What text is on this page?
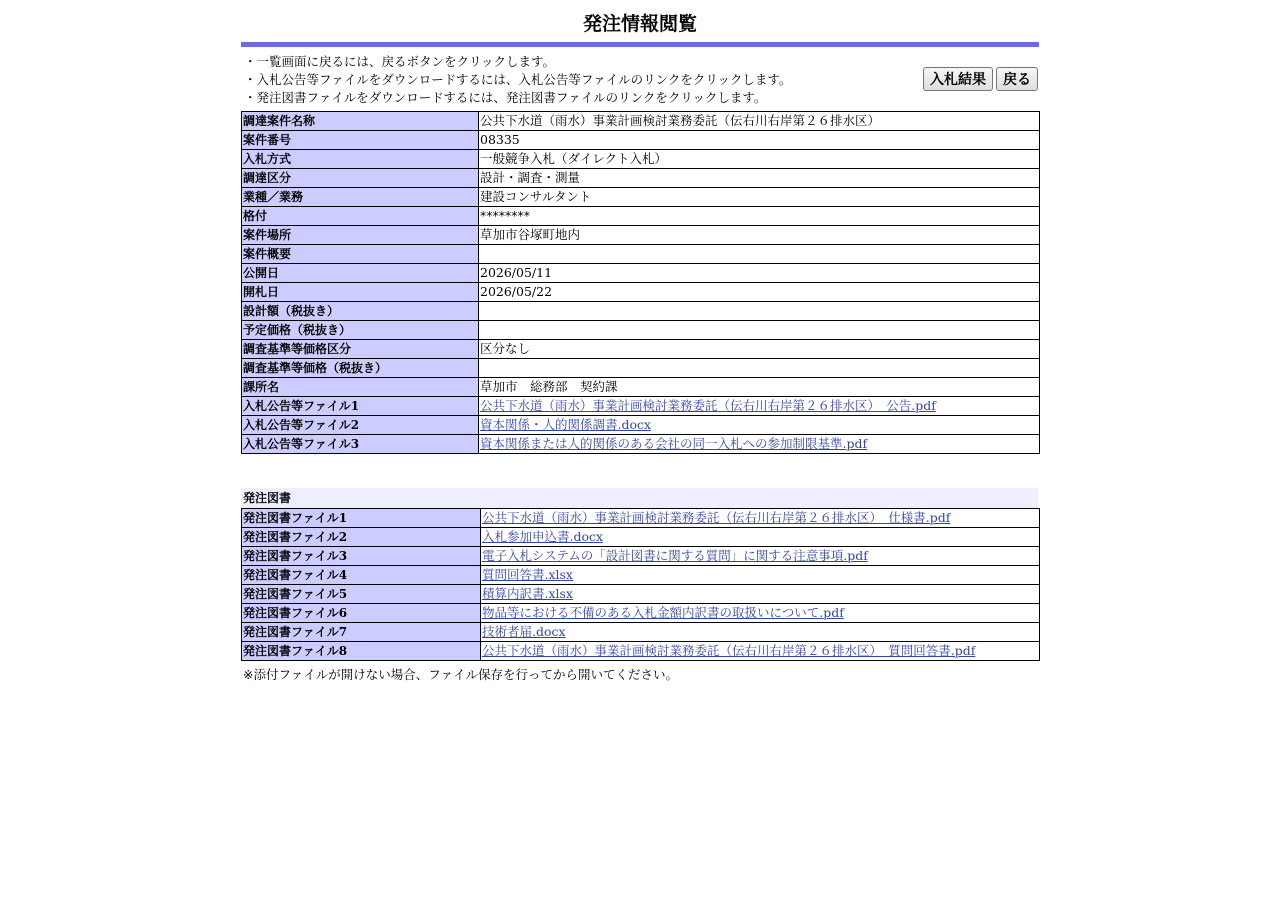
発注情報閲覧
・一覧画面に戻るには、戻るボタンをクリックします。
・入札公告等ファイルをダウンロードするには、入札公告等ファイルのリンクをクリックします。
・発注図書ファイルをダウンロードするには、発注図書ファイルのリンクをクリックします。
入札結果	戻る
調達案件名称	公共下水道（雨水）事業計画検討業務委託（伝右川右岸第２６排水区）
案件番号	08335
入札方式	一般競争入札（ダイレクト入札）
調達区分	設計・調査・測量
業種／業務	建設コンサルタント
格付	********
案件場所	草加市谷塚町地内
案件概要	
公開日	2026/05/11
開札日	2026/05/22
設計額（税抜き）	
予定価格（税抜き）	
調査基準等価格区分	区分なし
調査基準等価格（税抜き）	
課所名	草加市　総務部　契約課
入札公告等ファイル1	公共下水道（雨水）事業計画検討業務委託（伝右川右岸第２６排水区）　公告.pdf
入札公告等ファイル2	資本関係・人的関係調書.docx
入札公告等ファイル3	資本関係または人的関係のある会社の同一入札への参加制限基準.pdf
発注図書
発注図書ファイル1	公共下水道（雨水）事業計画検討業務委託（伝右川右岸第２６排水区）　仕様書.pdf
発注図書ファイル2	入札参加申込書.docx
発注図書ファイル3	電子入札システムの「設計図書に関する質問」に関する注意事項.pdf
発注図書ファイル4	質問回答書.xlsx
発注図書ファイル5	積算内訳書.xlsx
発注図書ファイル6	物品等における不備のある入札金額内訳書の取扱いについて.pdf
発注図書ファイル7	技術者届.docx
発注図書ファイル8	公共下水道（雨水）事業計画検討業務委託（伝右川右岸第２６排水区）　質問回答書.pdf
※添付ファイルが開けない場合、ファイル保存を行ってから開いてください。
